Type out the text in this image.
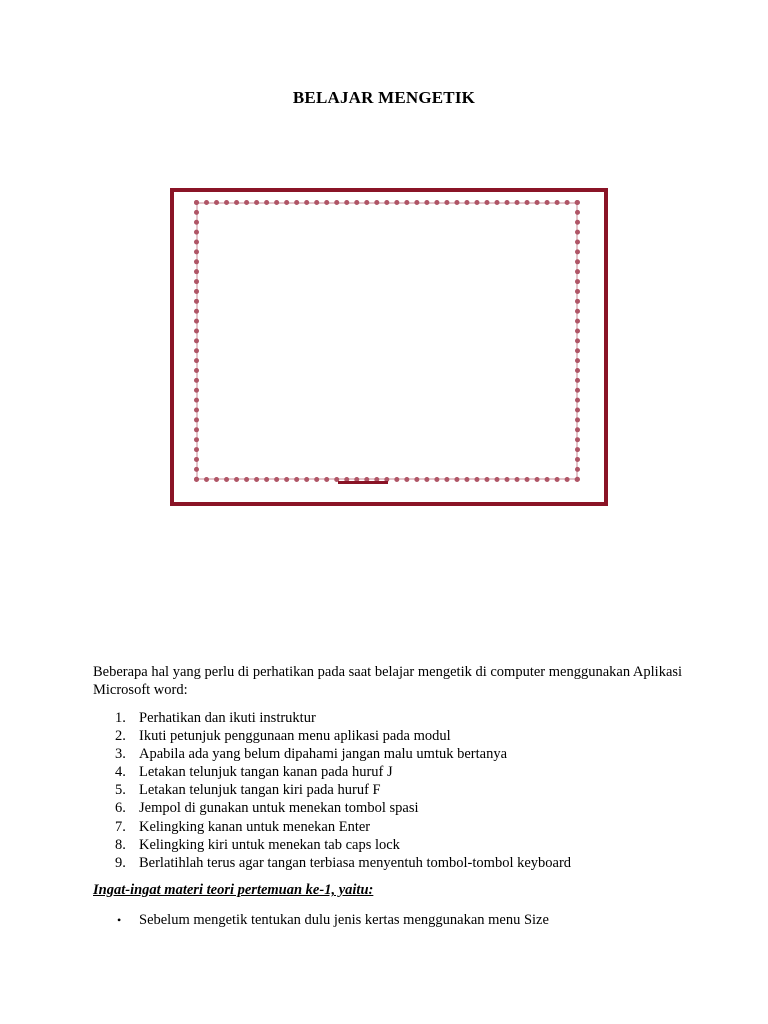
BELAJAR MENGETIK

Beberapa hal yang perlu di perhatikan pada saat belajar mengetik di computer menggunakan Aplikasi Microsoft word:

1. Perhatikan dan ikuti instruktur
2. Ikuti petunjuk penggunaan menu aplikasi pada modul
3. Apabila ada yang belum dipahami jangan malu umtuk bertanya
4. Letakan telunjuk tangan kanan pada huruf J
5. Letakan telunjuk tangan kiri pada huruf F
6. Jempol di gunakan untuk menekan tombol spasi
7. Kelingking kanan untuk menekan Enter
8. Kelingking kiri untuk menekan tab caps lock
9. Berlatihlah terus agar tangan terbiasa menyentuh tombol-tombol keyboard

Ingat-ingat materi teori pertemuan ke-1, yaitu:

•	Sebelum mengetik tentukan dulu jenis kertas menggunakan menu Size
